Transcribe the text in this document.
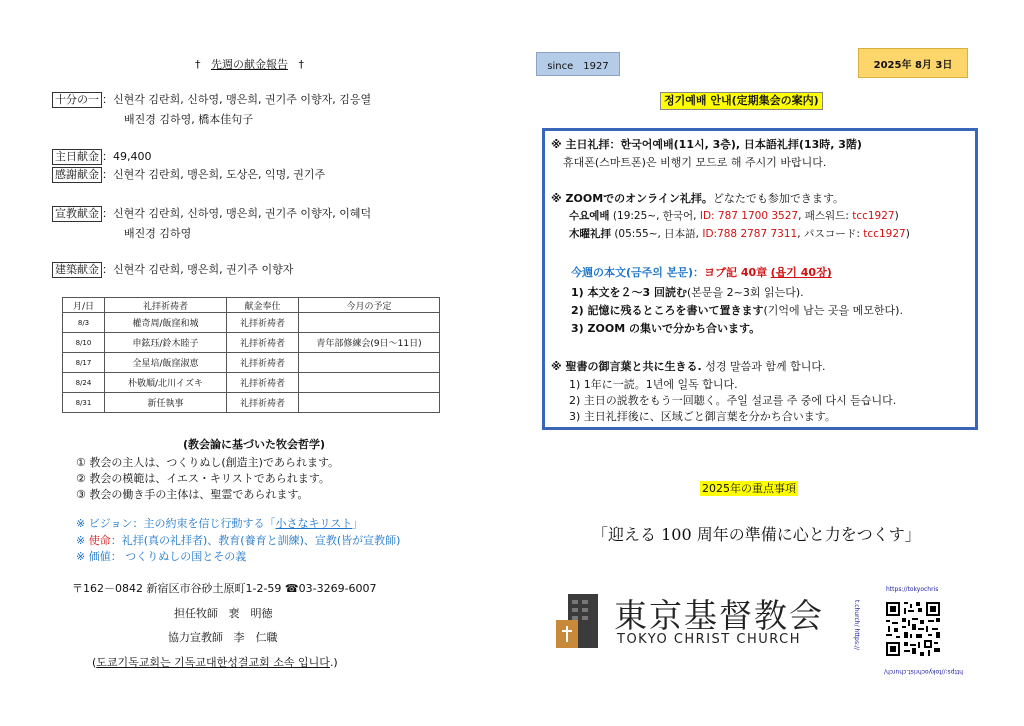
† 先週の献金報告 †
十分の一 ：신현각 김란희, 신하영, 맹은희, 권기주 이향자, 김응열
배진경 김하영, 橋本佳句子
主日献金 ：49,400
感謝献金 ：신현각 김란희, 맹은희, 도상은, 익명, 권기주
宣教献金 ：신현각 김란희, 신하영, 맹은희, 권기주 이향자, 이혜덕
배진경 김하영
建築献金 ：신현각 김란희, 맹은희, 권기주 이향자
月/日	礼拝祈祷者	献金奉仕	今月の予定
8/3	權奇周/飯窪和城	礼拝祈祷者	
8/10	申鉉珏/鈴木睦子	礼拝祈祷者	青年部修練会(9日～11日)
8/17	全星培/飯窪淑恵	礼拝祈祷者	
8/24	朴敬順/北川イズキ	礼拝祈祷者	
8/31	新任執事	礼拝祈祷者	
(教会論に基づいた牧会哲学)
① 教会の主人は、つくりぬし(創造主)であられます。
② 教会の模範は、イエス・キリストであられます。
③ 教会の働き手の主体は、聖霊であられます。
※ ビジョン：主の約束を信じ行動する「小さなキリスト」
※ 使命：礼拝(真の礼拝者)、教育(養育と訓練)、宣教(皆が宣教師)
※ 価値： つくりぬしの国とその義
〒162－0842 新宿区市谷砂土原町1-2-59 ☎03-3269-6007
担任牧師 裵　明徳
協力宣教師 李　仁職
(도쿄기독교회는 기독교대한성결교회 소속 입니다.)
since　1927	2025年 8月 3日
정기예배 안내(定期集会の案内)
※ 主日礼拝：한국어예배(11시, 3층), 日本語礼拝(13時, 3階)
휴대폰(스마트폰)은 비행기 모드로 해 주시기 바랍니다.
※ ZOOMでのオンライン礼拝。どなたでも参加できます。
수요예배 (19:25~, 한국어, ID: 787 1700 3527, 패스워드: tcc1927)
木曜礼拝 (05:55~, 日本語, ID:788 2787 7311, パスコード: tcc1927)
今週の本文(금주의 본문)：ヨブ記 40章 (욥기 40장)
1) 本文を２～3 回読む(본문을 2~3회 읽는다).
2) 記憶に残るところを書いて置きます(기억에 남는 곳을 메모한다).
3) ZOOM の集いで分かち合います。
※ 聖書の御言葉と共に生きる. 성경 말씀과 함께 합니다.
1) 1年に一読。1년에 일독 합니다.
2) 主日の説教をもう一回聴く。주일 설교를 주 중에 다시 듣습니다.
3) 主日礼拝後に、区域ごと御言葉を分かち合います。
2025年の重点事項
「迎える 100 周年の準備に心と力をつくす」
東京基督教会
TOKYO CHRIST CHURCH
https://tokyochris
t.church/ https://
https://tokyochrist.church/
